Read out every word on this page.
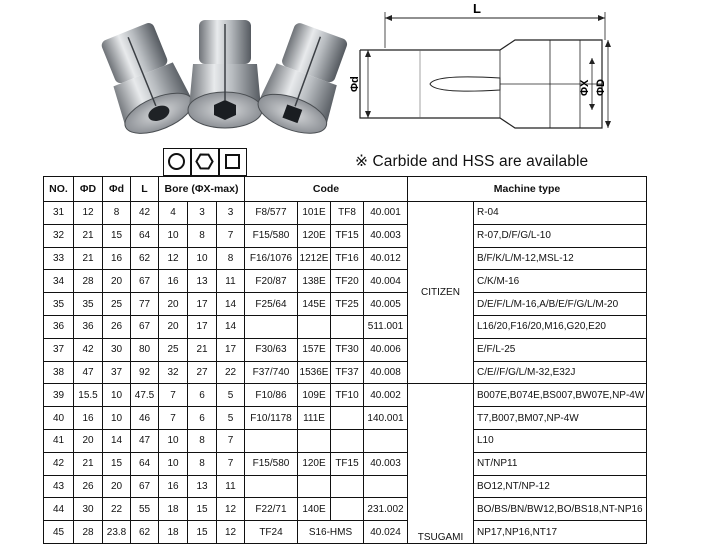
L
Φd	ΦX ΦD
※ Carbide and HSS are available
NO.	ΦD	Φd	L	Bore (ΦX-max)			Code				Machine type	
31	12	8	42	4	3	3	F8/577	101E	TF8	40.001	CITIZEN	R-04
32	21	15	64	10	8	7	F15/580	120E	TF15	40.003		R-07,D/F/G/L-10
33	21	16	62	12	10	8	F16/1076	1212E	TF16	40.012		B/F/K/L/M-12,MSL-12
34	28	20	67	16	13	11	F20/87	138E	TF20	40.004		C/K/M-16
35	35	25	77	20	17	14	F25/64	145E	TF25	40.005		D/E/F/L/M-16,A/B/E/F/G/L/M-20
36	36	26	67	20	17	14				511.001		L16/20,F16/20,M16,G20,E20
37	42	30	80	25	21	17	F30/63	157E	TF30	40.006		E/F/L-25
38	47	37	92	32	27	22	F37/740	1536E	TF37	40.008		C/E//F/G/L/M-32,E32J
39	15.5	10	47.5	7	6	5	F10/86	109E	TF10	40.002	TSUGAMI	B007E,B074E,BS007,BW07E,NP-4W
40	16	10	46	7	6	5	F10/1178	111E		140.001		T7,B007,BM07,NP-4W
41	20	14	47	10	8	7						L10
42	21	15	64	10	8	7	F15/580	120E	TF15	40.003		NT/NP11
43	26	20	67	16	13	11						BO12,NT/NP-12
44	30	22	55	18	15	12	F22/71	140E		231.002		BO/BS/BN/BW12,BO/BS18,NT-NP16
45	28	23.8	62	18	15	12	TF24	S16-HMS		40.024		NP17,NP16,NT17
